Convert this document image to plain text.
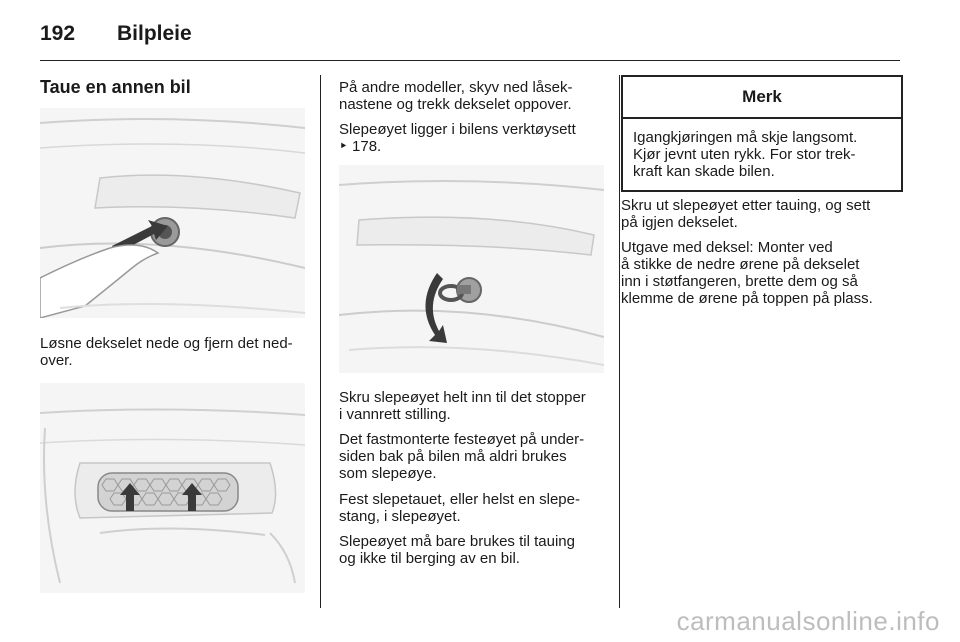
192 Bilpleie
Taue en annen bil

Løsne dekselet nede og fjern det ned-
over.

På andre modeller, skyv ned låsek-
nastene og trekk dekselet oppover.

Slepeøyet ligger i bilens verktøysett
‣ 178.

Skru slepeøyet helt inn til det stopper
i vannrett stilling.

Det fastmonterte festeøyet på under-
siden bak på bilen må aldri brukes
som slepeøye.

Fest slepetauet, eller helst en slepe-
stang, i slepeøyet.

Slepeøyet må bare brukes til tauing
og ikke til berging av en bil.

Merk

Igangkjøringen må skje langsomt.
Kjør jevnt uten rykk. For stor trek-
kraft kan skade bilen.

Skru ut slepeøyet etter tauing, og sett
på igjen dekselet.

Utgave med deksel: Monter ved
å stikke de nedre ørene på dekselet
inn i støtfangeren, brette dem og så
klemme de ørene på toppen på plass.

carmanualsonline.info
